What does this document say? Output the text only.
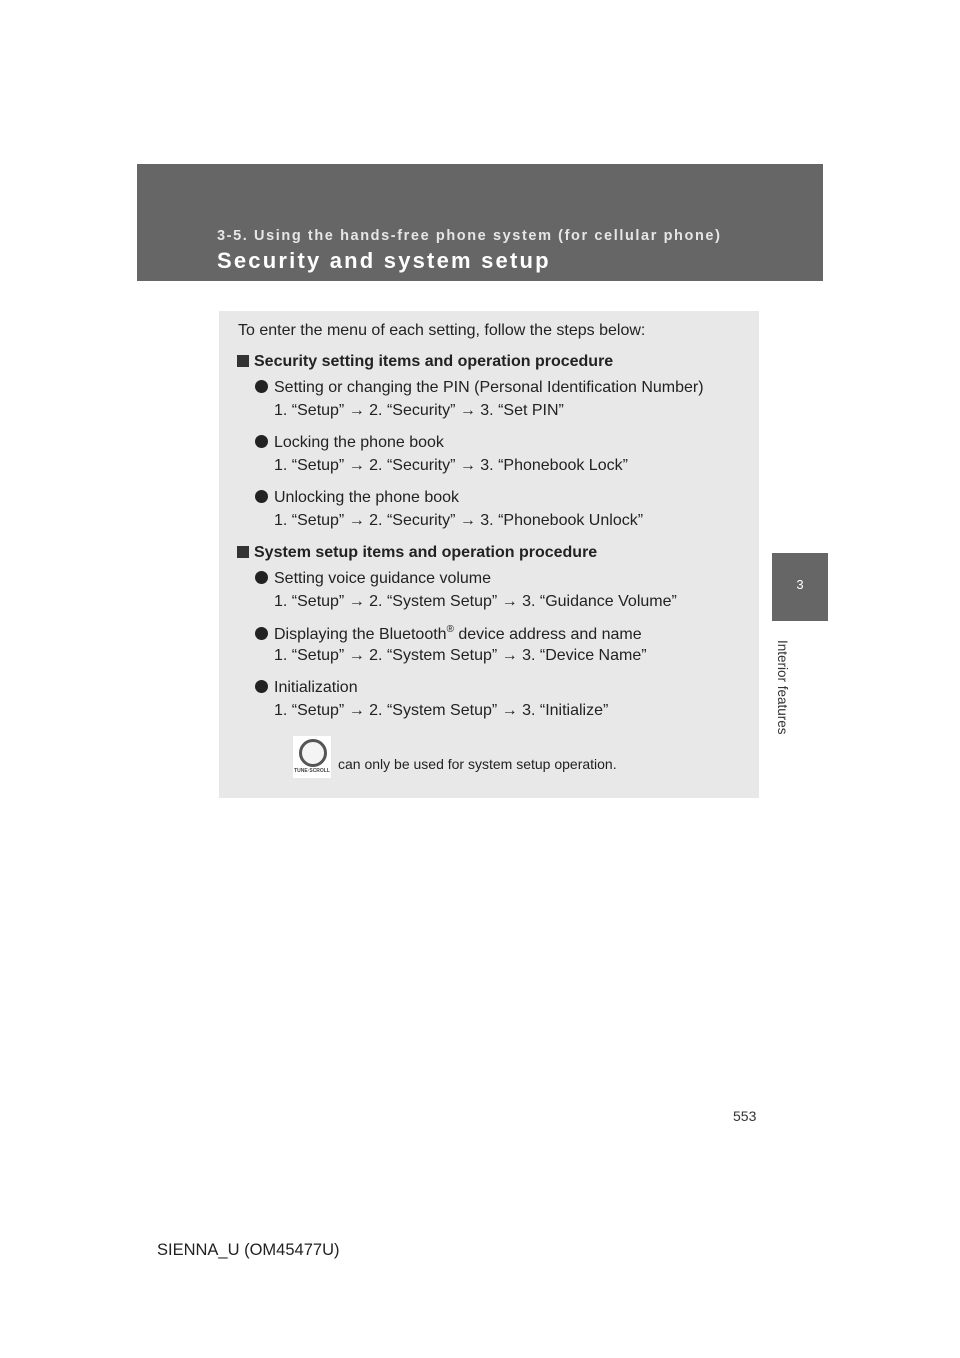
3-5. Using the hands-free phone system (for cellular phone)
Security and system setup
3
Interior features
To enter the menu of each setting, follow the steps below:
Security setting items and operation procedure
Setting or changing the PIN (Personal Identification Number)
1. “Setup” → 2. “Security” → 3. “Set PIN”
Locking the phone book
1. “Setup” → 2. “Security” → 3. “Phonebook Lock”
Unlocking the phone book
1. “Setup” → 2. “Security” → 3. “Phonebook Unlock”
System setup items and operation procedure
Setting voice guidance volume
1. “Setup” → 2. “System Setup” → 3. “Guidance Volume”
Displaying the Bluetooth® device address and name
1. “Setup” → 2. “System Setup” → 3. “Device Name”
Initialization
1. “Setup” → 2. “System Setup” → 3. “Initialize”
TUNE·SCROLL can only be used for system setup operation.
553
SIENNA_U (OM45477U)
